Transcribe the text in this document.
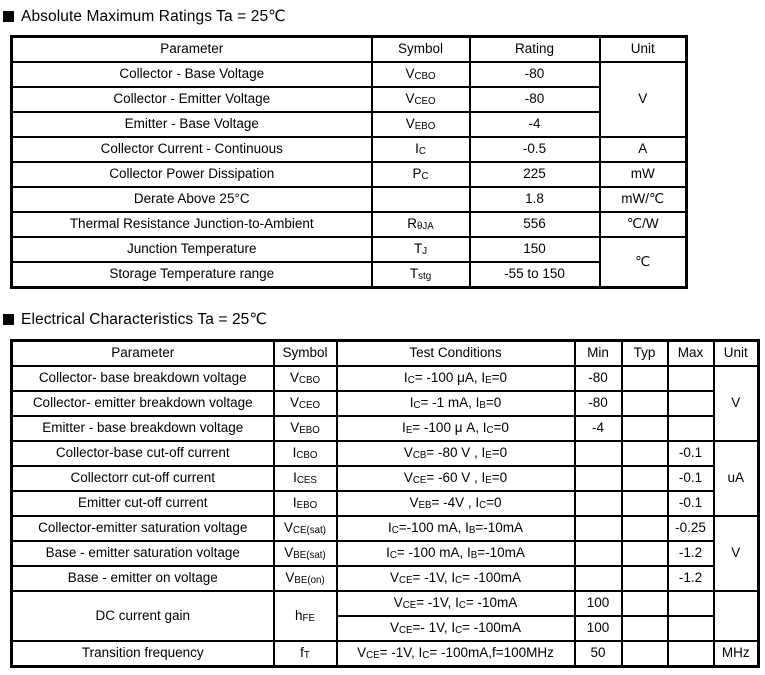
Absolute Maximum Ratings Ta = 25℃
Parameter	Symbol	Rating	Unit
Collector - Base Voltage	VCBO	-80	V
Collector - Emitter Voltage	VCEO	-80	
Emitter - Base Voltage	VEBO	-4	
Collector Current - Continuous	IC	-0.5	A
Collector Power Dissipation	PC	225	mW
Derate Above 25°C		1.8	mW/℃
Thermal Resistance Junction-to-Ambient	RθJA	556	℃/W
Junction Temperature	TJ	150	℃
Storage Temperature range	Tstg	-55 to 150	
Electrical Characteristics Ta = 25℃
Parameter	Symbol	Test Conditions	Min	Typ	Max	Unit
Collector- base breakdown voltage	VCBO	IC= -100 μA, IE=0	-80			V
Collector- emitter breakdown voltage	VCEO	IC= -1 mA, IB=0	-80			
Emitter - base breakdown voltage	VEBO	IE= -100 μ A, IC=0	-4			
Collector-base cut-off current	ICBO	VCB= -80 V , IE=0			-0.1	uA
Collectorr cut-off current	ICES	VCE= -60 V , IE=0			-0.1	
Emitter cut-off current	IEBO	VEB= -4V , IC=0			-0.1	
Collector-emitter saturation voltage	VCE(sat)	IC=-100 mA, IB=-10mA			-0.25	V
Base - emitter saturation voltage	VBE(sat)	IC= -100 mA, IB=-10mA			-1.2	
Base - emitter on voltage	VBE(on)	VCE= -1V, IC= -100mA			-1.2	
DC current gain	hFE	VCE= -1V, IC= -10mA	100			
		VCE=- 1V, IC= -100mA	100			
Transition frequency	fT	VCE= -1V, IC= -100mA,f=100MHz	50			MHz
